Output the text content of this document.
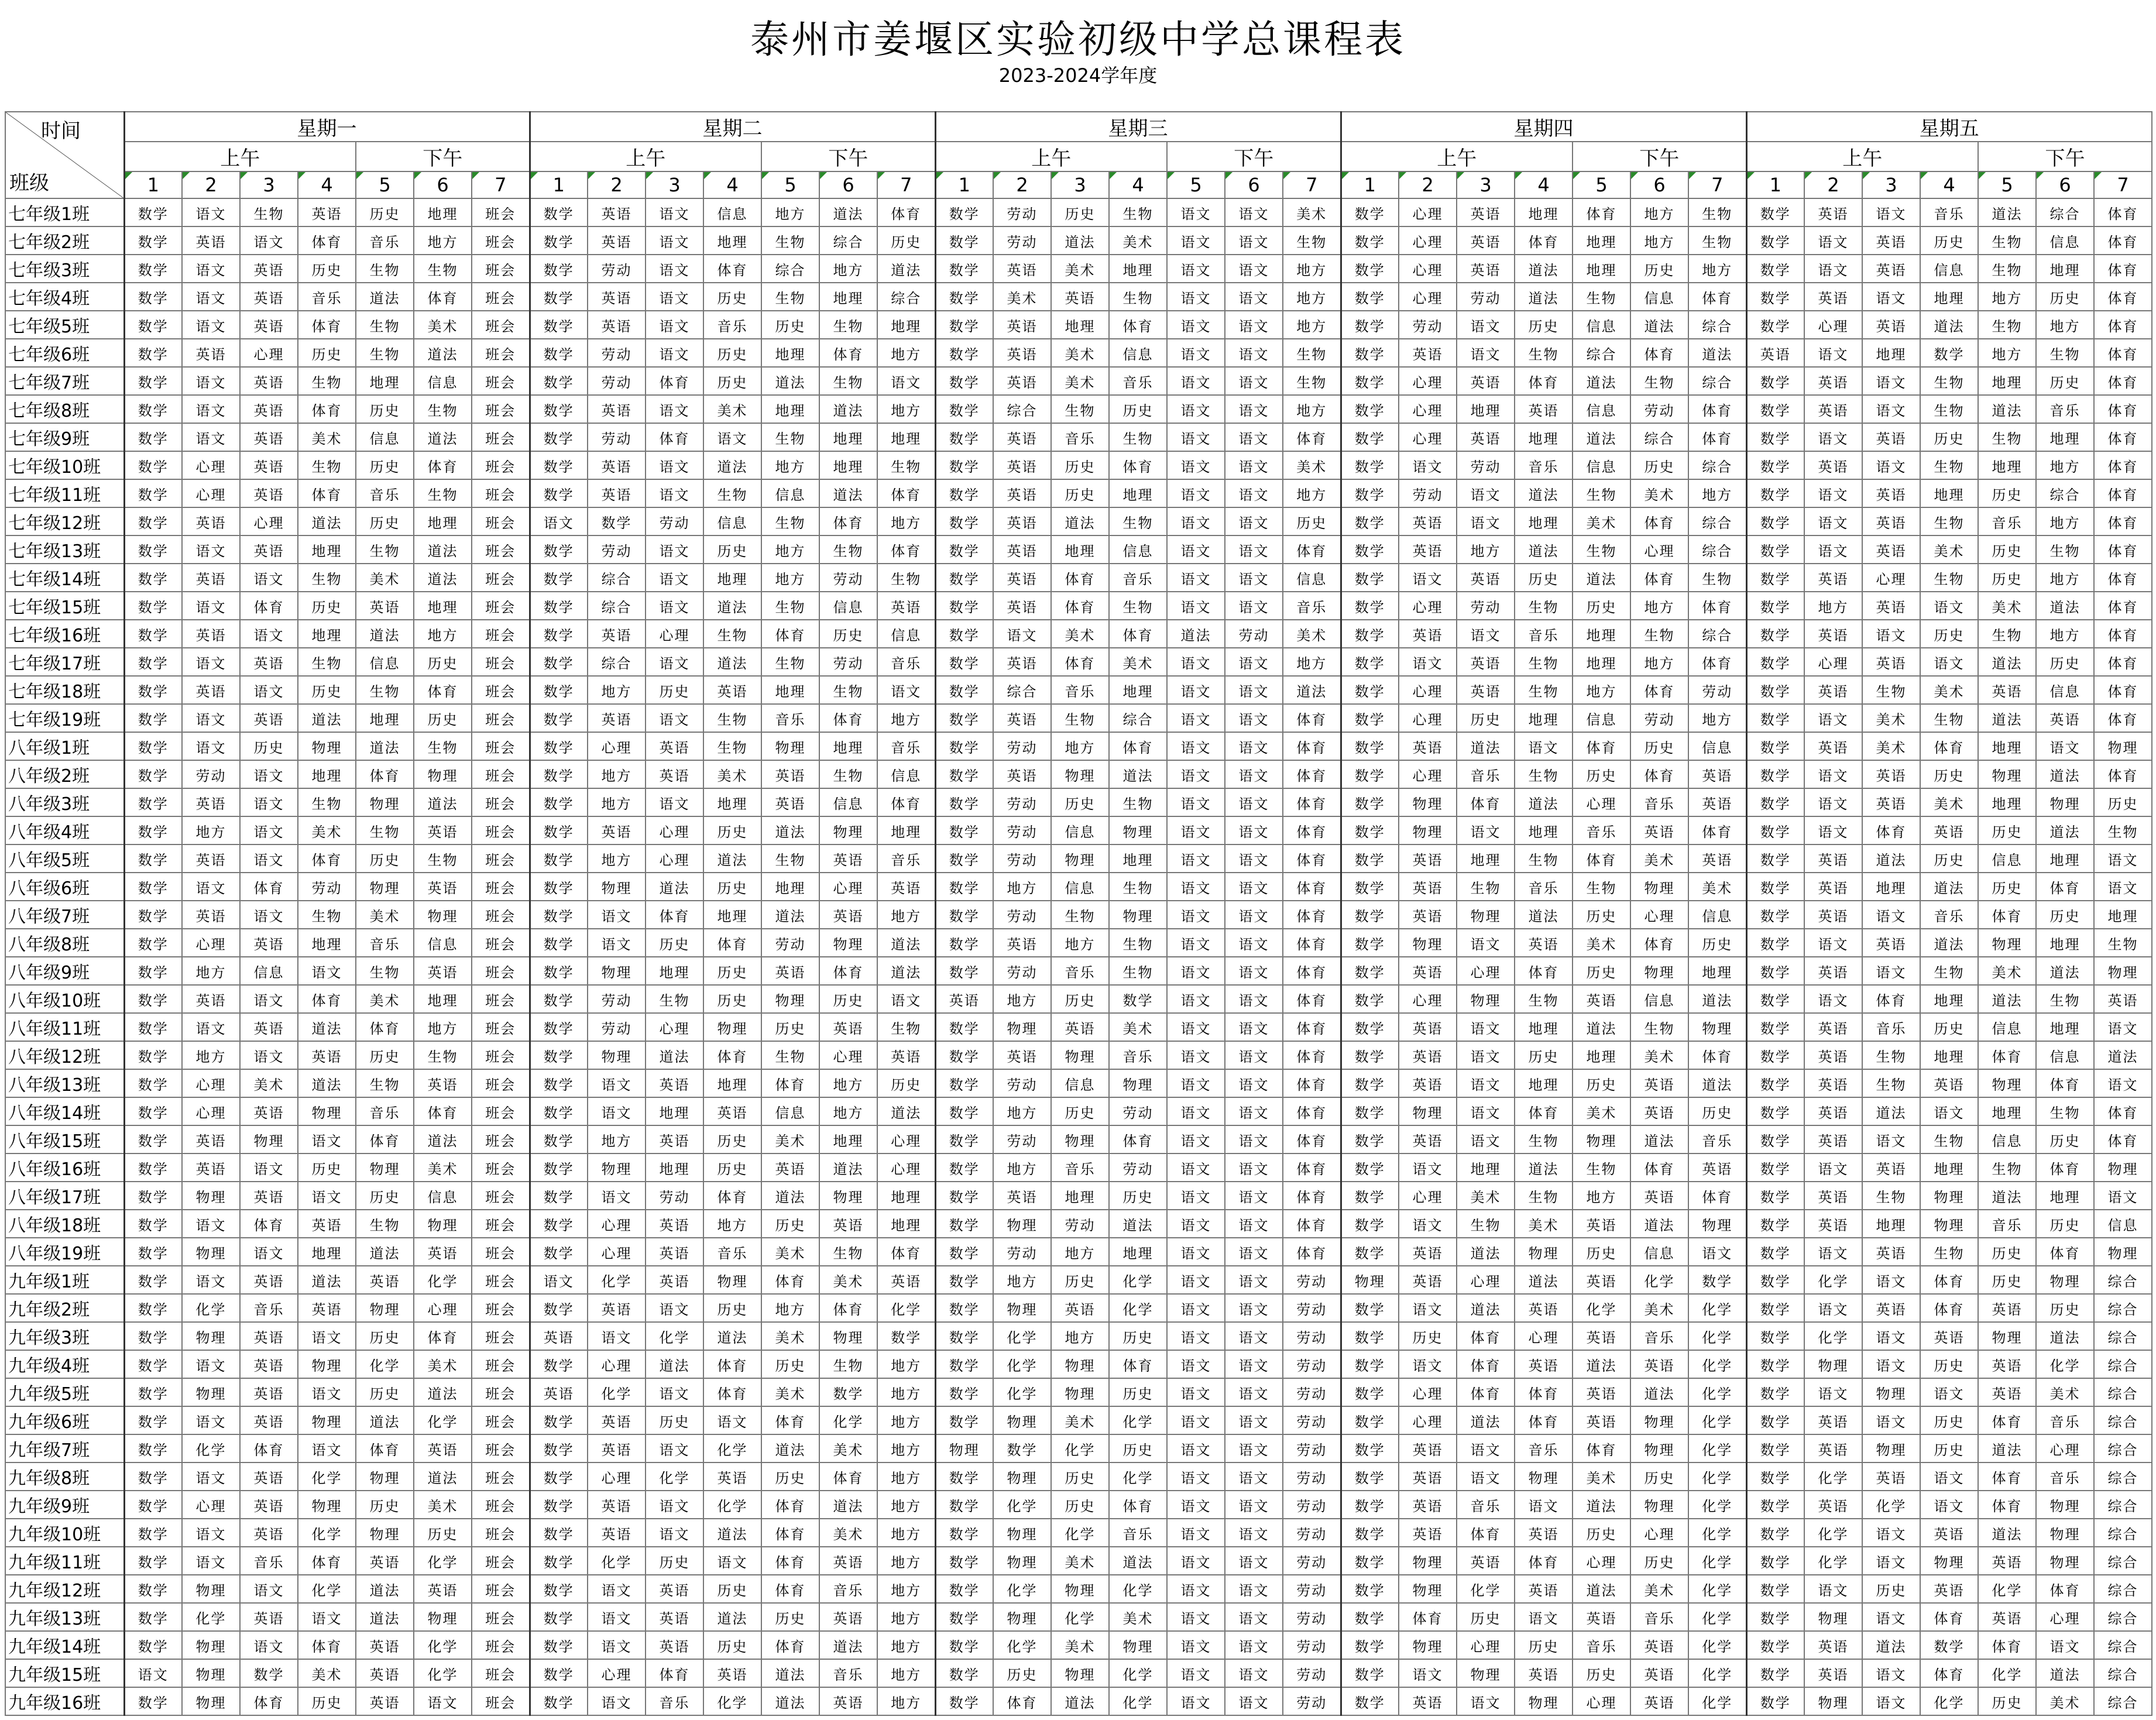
泰州市姜堰区实验初级中学总课程表
2023-2024学年度
时间
班级	星期一							星期二							星期三							星期四							星期五						
	上午				下午			上午				下午			上午				下午			上午				下午			上午				下午		
	1	2	3	4	5	6	7	1	2	3	4	5	6	7	1	2	3	4	5	6	7	1	2	3	4	5	6	7	1	2	3	4	5	6	7
七年级1班	数学	语文	生物	英语	历史	地理	班会	数学	英语	语文	信息	地方	道法	体育	数学	劳动	历史	生物	语文	语文	美术	数学	心理	英语	地理	体育	地方	生物	数学	英语	语文	音乐	道法	综合	体育
七年级2班	数学	英语	语文	体育	音乐	地方	班会	数学	英语	语文	地理	生物	综合	历史	数学	劳动	道法	美术	语文	语文	生物	数学	心理	英语	体育	地理	地方	生物	数学	语文	英语	历史	生物	信息	体育
七年级3班	数学	语文	英语	历史	生物	生物	班会	数学	劳动	语文	体育	综合	地方	道法	数学	英语	美术	地理	语文	语文	地方	数学	心理	英语	道法	地理	历史	地方	数学	语文	英语	信息	生物	地理	体育
七年级4班	数学	语文	英语	音乐	道法	体育	班会	数学	英语	语文	历史	生物	地理	综合	数学	美术	英语	生物	语文	语文	地方	数学	心理	劳动	道法	生物	信息	体育	数学	英语	语文	地理	地方	历史	体育
七年级5班	数学	语文	英语	体育	生物	美术	班会	数学	英语	语文	音乐	历史	生物	地理	数学	英语	地理	体育	语文	语文	地方	数学	劳动	语文	历史	信息	道法	综合	数学	心理	英语	道法	生物	地方	体育
七年级6班	数学	英语	心理	历史	生物	道法	班会	数学	劳动	语文	历史	地理	体育	地方	数学	英语	美术	信息	语文	语文	生物	数学	英语	语文	生物	综合	体育	道法	英语	语文	地理	数学	地方	生物	体育
七年级7班	数学	语文	英语	生物	地理	信息	班会	数学	劳动	体育	历史	道法	生物	语文	数学	英语	美术	音乐	语文	语文	生物	数学	心理	英语	体育	道法	生物	综合	数学	英语	语文	生物	地理	历史	体育
七年级8班	数学	语文	英语	体育	历史	生物	班会	数学	英语	语文	美术	地理	道法	地方	数学	综合	生物	历史	语文	语文	地方	数学	心理	地理	英语	信息	劳动	体育	数学	英语	语文	生物	道法	音乐	体育
七年级9班	数学	语文	英语	美术	信息	道法	班会	数学	劳动	体育	语文	生物	地理	地理	数学	英语	音乐	生物	语文	语文	体育	数学	心理	英语	地理	道法	综合	体育	数学	语文	英语	历史	生物	地理	体育
七年级10班	数学	心理	英语	生物	历史	体育	班会	数学	英语	语文	道法	地方	地理	生物	数学	英语	历史	体育	语文	语文	美术	数学	语文	劳动	音乐	信息	历史	综合	数学	英语	语文	生物	地理	地方	体育
七年级11班	数学	心理	英语	体育	音乐	生物	班会	数学	英语	语文	生物	信息	道法	体育	数学	英语	历史	地理	语文	语文	地方	数学	劳动	语文	道法	生物	美术	地方	数学	语文	英语	地理	历史	综合	体育
七年级12班	数学	英语	心理	道法	历史	地理	班会	语文	数学	劳动	信息	生物	体育	地方	数学	英语	道法	生物	语文	语文	历史	数学	英语	语文	地理	美术	体育	综合	数学	语文	英语	生物	音乐	地方	体育
七年级13班	数学	语文	英语	地理	生物	道法	班会	数学	劳动	语文	历史	地方	生物	体育	数学	英语	地理	信息	语文	语文	体育	数学	英语	地方	道法	生物	心理	综合	数学	语文	英语	美术	历史	生物	体育
七年级14班	数学	英语	语文	生物	美术	道法	班会	数学	综合	语文	地理	地方	劳动	生物	数学	英语	体育	音乐	语文	语文	信息	数学	语文	英语	历史	道法	体育	生物	数学	英语	心理	生物	历史	地方	体育
七年级15班	数学	语文	体育	历史	英语	地理	班会	数学	综合	语文	道法	生物	信息	英语	数学	英语	体育	生物	语文	语文	音乐	数学	心理	劳动	生物	历史	地方	体育	数学	地方	英语	语文	美术	道法	体育
七年级16班	数学	英语	语文	地理	道法	地方	班会	数学	英语	心理	生物	体育	历史	信息	数学	语文	美术	体育	道法	劳动	美术	数学	英语	语文	音乐	地理	生物	综合	数学	英语	语文	历史	生物	地方	体育
七年级17班	数学	语文	英语	生物	信息	历史	班会	数学	综合	语文	道法	生物	劳动	音乐	数学	英语	体育	美术	语文	语文	地方	数学	语文	英语	生物	地理	地方	体育	数学	心理	英语	语文	道法	历史	体育
七年级18班	数学	英语	语文	历史	生物	体育	班会	数学	地方	历史	英语	地理	生物	语文	数学	综合	音乐	地理	语文	语文	道法	数学	心理	英语	生物	地方	体育	劳动	数学	英语	生物	美术	英语	信息	体育
七年级19班	数学	语文	英语	道法	地理	历史	班会	数学	英语	语文	生物	音乐	体育	地方	数学	英语	生物	综合	语文	语文	体育	数学	心理	历史	地理	信息	劳动	地方	数学	语文	美术	生物	道法	英语	体育
八年级1班	数学	语文	历史	物理	道法	生物	班会	数学	心理	英语	生物	物理	地理	音乐	数学	劳动	地方	体育	语文	语文	体育	数学	英语	道法	语文	体育	历史	信息	数学	英语	美术	体育	地理	语文	物理
八年级2班	数学	劳动	语文	地理	体育	物理	班会	数学	地方	英语	美术	英语	生物	信息	数学	英语	物理	道法	语文	语文	体育	数学	心理	音乐	生物	历史	体育	英语	数学	语文	英语	历史	物理	道法	体育
八年级3班	数学	英语	语文	生物	物理	道法	班会	数学	地方	语文	地理	英语	信息	体育	数学	劳动	历史	生物	语文	语文	体育	数学	物理	体育	道法	心理	音乐	英语	数学	语文	英语	美术	地理	物理	历史
八年级4班	数学	地方	语文	美术	生物	英语	班会	数学	英语	心理	历史	道法	物理	地理	数学	劳动	信息	物理	语文	语文	体育	数学	物理	语文	地理	音乐	英语	体育	数学	语文	体育	英语	历史	道法	生物
八年级5班	数学	英语	语文	体育	历史	生物	班会	数学	地方	心理	道法	生物	英语	音乐	数学	劳动	物理	地理	语文	语文	体育	数学	英语	地理	生物	体育	美术	英语	数学	英语	道法	历史	信息	地理	语文
八年级6班	数学	语文	体育	劳动	物理	英语	班会	数学	物理	道法	历史	地理	心理	英语	数学	地方	信息	生物	语文	语文	体育	数学	英语	生物	音乐	生物	物理	美术	数学	英语	地理	道法	历史	体育	语文
八年级7班	数学	英语	语文	生物	美术	物理	班会	数学	语文	体育	地理	道法	英语	地方	数学	劳动	生物	物理	语文	语文	体育	数学	英语	物理	道法	历史	心理	信息	数学	英语	语文	音乐	体育	历史	地理
八年级8班	数学	心理	英语	地理	音乐	信息	班会	数学	语文	历史	体育	劳动	物理	道法	数学	英语	地方	生物	语文	语文	体育	数学	物理	语文	英语	美术	体育	历史	数学	语文	英语	道法	物理	地理	生物
八年级9班	数学	地方	信息	语文	生物	英语	班会	数学	物理	地理	历史	英语	体育	道法	数学	劳动	音乐	生物	语文	语文	体育	数学	英语	心理	体育	历史	物理	地理	数学	英语	语文	生物	美术	道法	物理
八年级10班	数学	英语	语文	体育	美术	地理	班会	数学	劳动	生物	历史	物理	历史	语文	英语	地方	历史	数学	语文	语文	体育	数学	心理	物理	生物	英语	信息	道法	数学	语文	体育	地理	道法	生物	英语
八年级11班	数学	语文	英语	道法	体育	地方	班会	数学	劳动	心理	物理	历史	英语	生物	数学	物理	英语	美术	语文	语文	体育	数学	英语	语文	地理	道法	生物	物理	数学	英语	音乐	历史	信息	地理	语文
八年级12班	数学	地方	语文	英语	历史	生物	班会	数学	物理	道法	体育	生物	心理	英语	数学	英语	物理	音乐	语文	语文	体育	数学	英语	语文	历史	地理	美术	体育	数学	英语	生物	地理	体育	信息	道法
八年级13班	数学	心理	美术	道法	生物	英语	班会	数学	语文	英语	地理	体育	地方	历史	数学	劳动	信息	物理	语文	语文	体育	数学	英语	语文	地理	历史	英语	道法	数学	英语	生物	英语	物理	体育	语文
八年级14班	数学	心理	英语	物理	音乐	体育	班会	数学	语文	地理	英语	信息	地方	道法	数学	地方	历史	劳动	语文	语文	体育	数学	物理	语文	体育	美术	英语	历史	数学	英语	道法	语文	地理	生物	体育
八年级15班	数学	英语	物理	语文	体育	道法	班会	数学	地方	英语	历史	美术	地理	心理	数学	劳动	物理	体育	语文	语文	体育	数学	英语	语文	生物	物理	道法	音乐	数学	英语	语文	生物	信息	历史	体育
八年级16班	数学	英语	语文	历史	物理	美术	班会	数学	物理	地理	历史	英语	道法	心理	数学	地方	音乐	劳动	语文	语文	体育	数学	语文	地理	道法	生物	体育	英语	数学	语文	英语	地理	生物	体育	物理
八年级17班	数学	物理	英语	语文	历史	信息	班会	数学	语文	劳动	体育	道法	物理	地理	数学	英语	地理	历史	语文	语文	体育	数学	心理	美术	生物	地方	英语	体育	数学	英语	生物	物理	道法	地理	语文
八年级18班	数学	语文	体育	英语	生物	物理	班会	数学	心理	英语	地方	历史	英语	地理	数学	物理	劳动	道法	语文	语文	体育	数学	语文	生物	美术	英语	道法	物理	数学	英语	地理	物理	音乐	历史	信息
八年级19班	数学	物理	语文	地理	道法	英语	班会	数学	心理	英语	音乐	美术	生物	体育	数学	劳动	地方	地理	语文	语文	体育	数学	英语	道法	物理	历史	信息	语文	数学	语文	英语	生物	历史	体育	物理
九年级1班	数学	语文	英语	道法	英语	化学	班会	语文	化学	英语	物理	体育	美术	英语	数学	地方	历史	化学	语文	语文	劳动	物理	英语	心理	道法	英语	化学	数学	数学	化学	语文	体育	历史	物理	综合
九年级2班	数学	化学	音乐	英语	物理	心理	班会	数学	英语	语文	历史	地方	体育	化学	数学	物理	英语	化学	语文	语文	劳动	数学	语文	道法	英语	化学	美术	化学	数学	语文	英语	体育	英语	历史	综合
九年级3班	数学	物理	英语	语文	历史	体育	班会	英语	语文	化学	道法	美术	物理	数学	数学	化学	地方	历史	语文	语文	劳动	数学	历史	体育	心理	英语	音乐	化学	数学	化学	语文	英语	物理	道法	综合
九年级4班	数学	语文	英语	物理	化学	美术	班会	数学	心理	道法	体育	历史	生物	地方	数学	化学	物理	体育	语文	语文	劳动	数学	语文	体育	英语	道法	英语	化学	数学	物理	语文	历史	英语	化学	综合
九年级5班	数学	物理	英语	语文	历史	道法	班会	英语	化学	语文	体育	美术	数学	地方	数学	化学	物理	历史	语文	语文	劳动	数学	心理	体育	体育	英语	道法	化学	数学	语文	物理	语文	英语	美术	综合
九年级6班	数学	语文	英语	物理	道法	化学	班会	数学	英语	历史	语文	体育	化学	地方	数学	物理	美术	化学	语文	语文	劳动	数学	心理	道法	体育	英语	物理	化学	数学	英语	语文	历史	体育	音乐	综合
九年级7班	数学	化学	体育	语文	体育	英语	班会	数学	英语	语文	化学	道法	美术	地方	物理	数学	化学	历史	语文	语文	劳动	数学	英语	语文	音乐	体育	物理	化学	数学	英语	物理	历史	道法	心理	综合
九年级8班	数学	语文	英语	化学	物理	道法	班会	数学	心理	化学	英语	历史	体育	地方	数学	物理	历史	化学	语文	语文	劳动	数学	英语	语文	物理	美术	历史	化学	数学	化学	英语	语文	体育	音乐	综合
九年级9班	数学	心理	英语	物理	历史	美术	班会	数学	英语	语文	化学	体育	道法	地方	数学	化学	历史	体育	语文	语文	劳动	数学	英语	音乐	语文	道法	物理	化学	数学	英语	化学	语文	体育	物理	综合
九年级10班	数学	语文	英语	化学	物理	历史	班会	数学	英语	语文	道法	体育	美术	地方	数学	物理	化学	音乐	语文	语文	劳动	数学	英语	体育	英语	历史	心理	化学	数学	化学	语文	英语	道法	物理	综合
九年级11班	数学	语文	音乐	体育	英语	化学	班会	数学	化学	历史	语文	体育	英语	地方	数学	物理	美术	道法	语文	语文	劳动	数学	物理	英语	体育	心理	历史	化学	数学	化学	语文	物理	英语	物理	综合
九年级12班	数学	物理	语文	化学	道法	英语	班会	数学	语文	英语	历史	体育	音乐	地方	数学	化学	物理	化学	语文	语文	劳动	数学	物理	化学	英语	道法	美术	化学	数学	语文	历史	英语	化学	体育	综合
九年级13班	数学	化学	英语	语文	道法	物理	班会	数学	语文	英语	道法	历史	英语	地方	数学	物理	化学	美术	语文	语文	劳动	数学	体育	历史	语文	英语	音乐	化学	数学	物理	语文	体育	英语	心理	综合
九年级14班	数学	物理	语文	体育	英语	化学	班会	数学	语文	英语	历史	体育	道法	地方	数学	化学	美术	物理	语文	语文	劳动	数学	物理	心理	历史	音乐	英语	化学	数学	英语	道法	数学	体育	语文	综合
九年级15班	语文	物理	数学	美术	英语	化学	班会	数学	心理	体育	英语	道法	音乐	地方	数学	历史	物理	化学	语文	语文	劳动	数学	语文	物理	英语	历史	英语	化学	数学	英语	语文	体育	化学	道法	综合
九年级16班	数学	物理	体育	历史	英语	语文	班会	数学	语文	音乐	化学	道法	英语	地方	数学	体育	道法	化学	语文	语文	劳动	数学	英语	语文	物理	心理	英语	化学	数学	物理	语文	化学	历史	美术	综合
